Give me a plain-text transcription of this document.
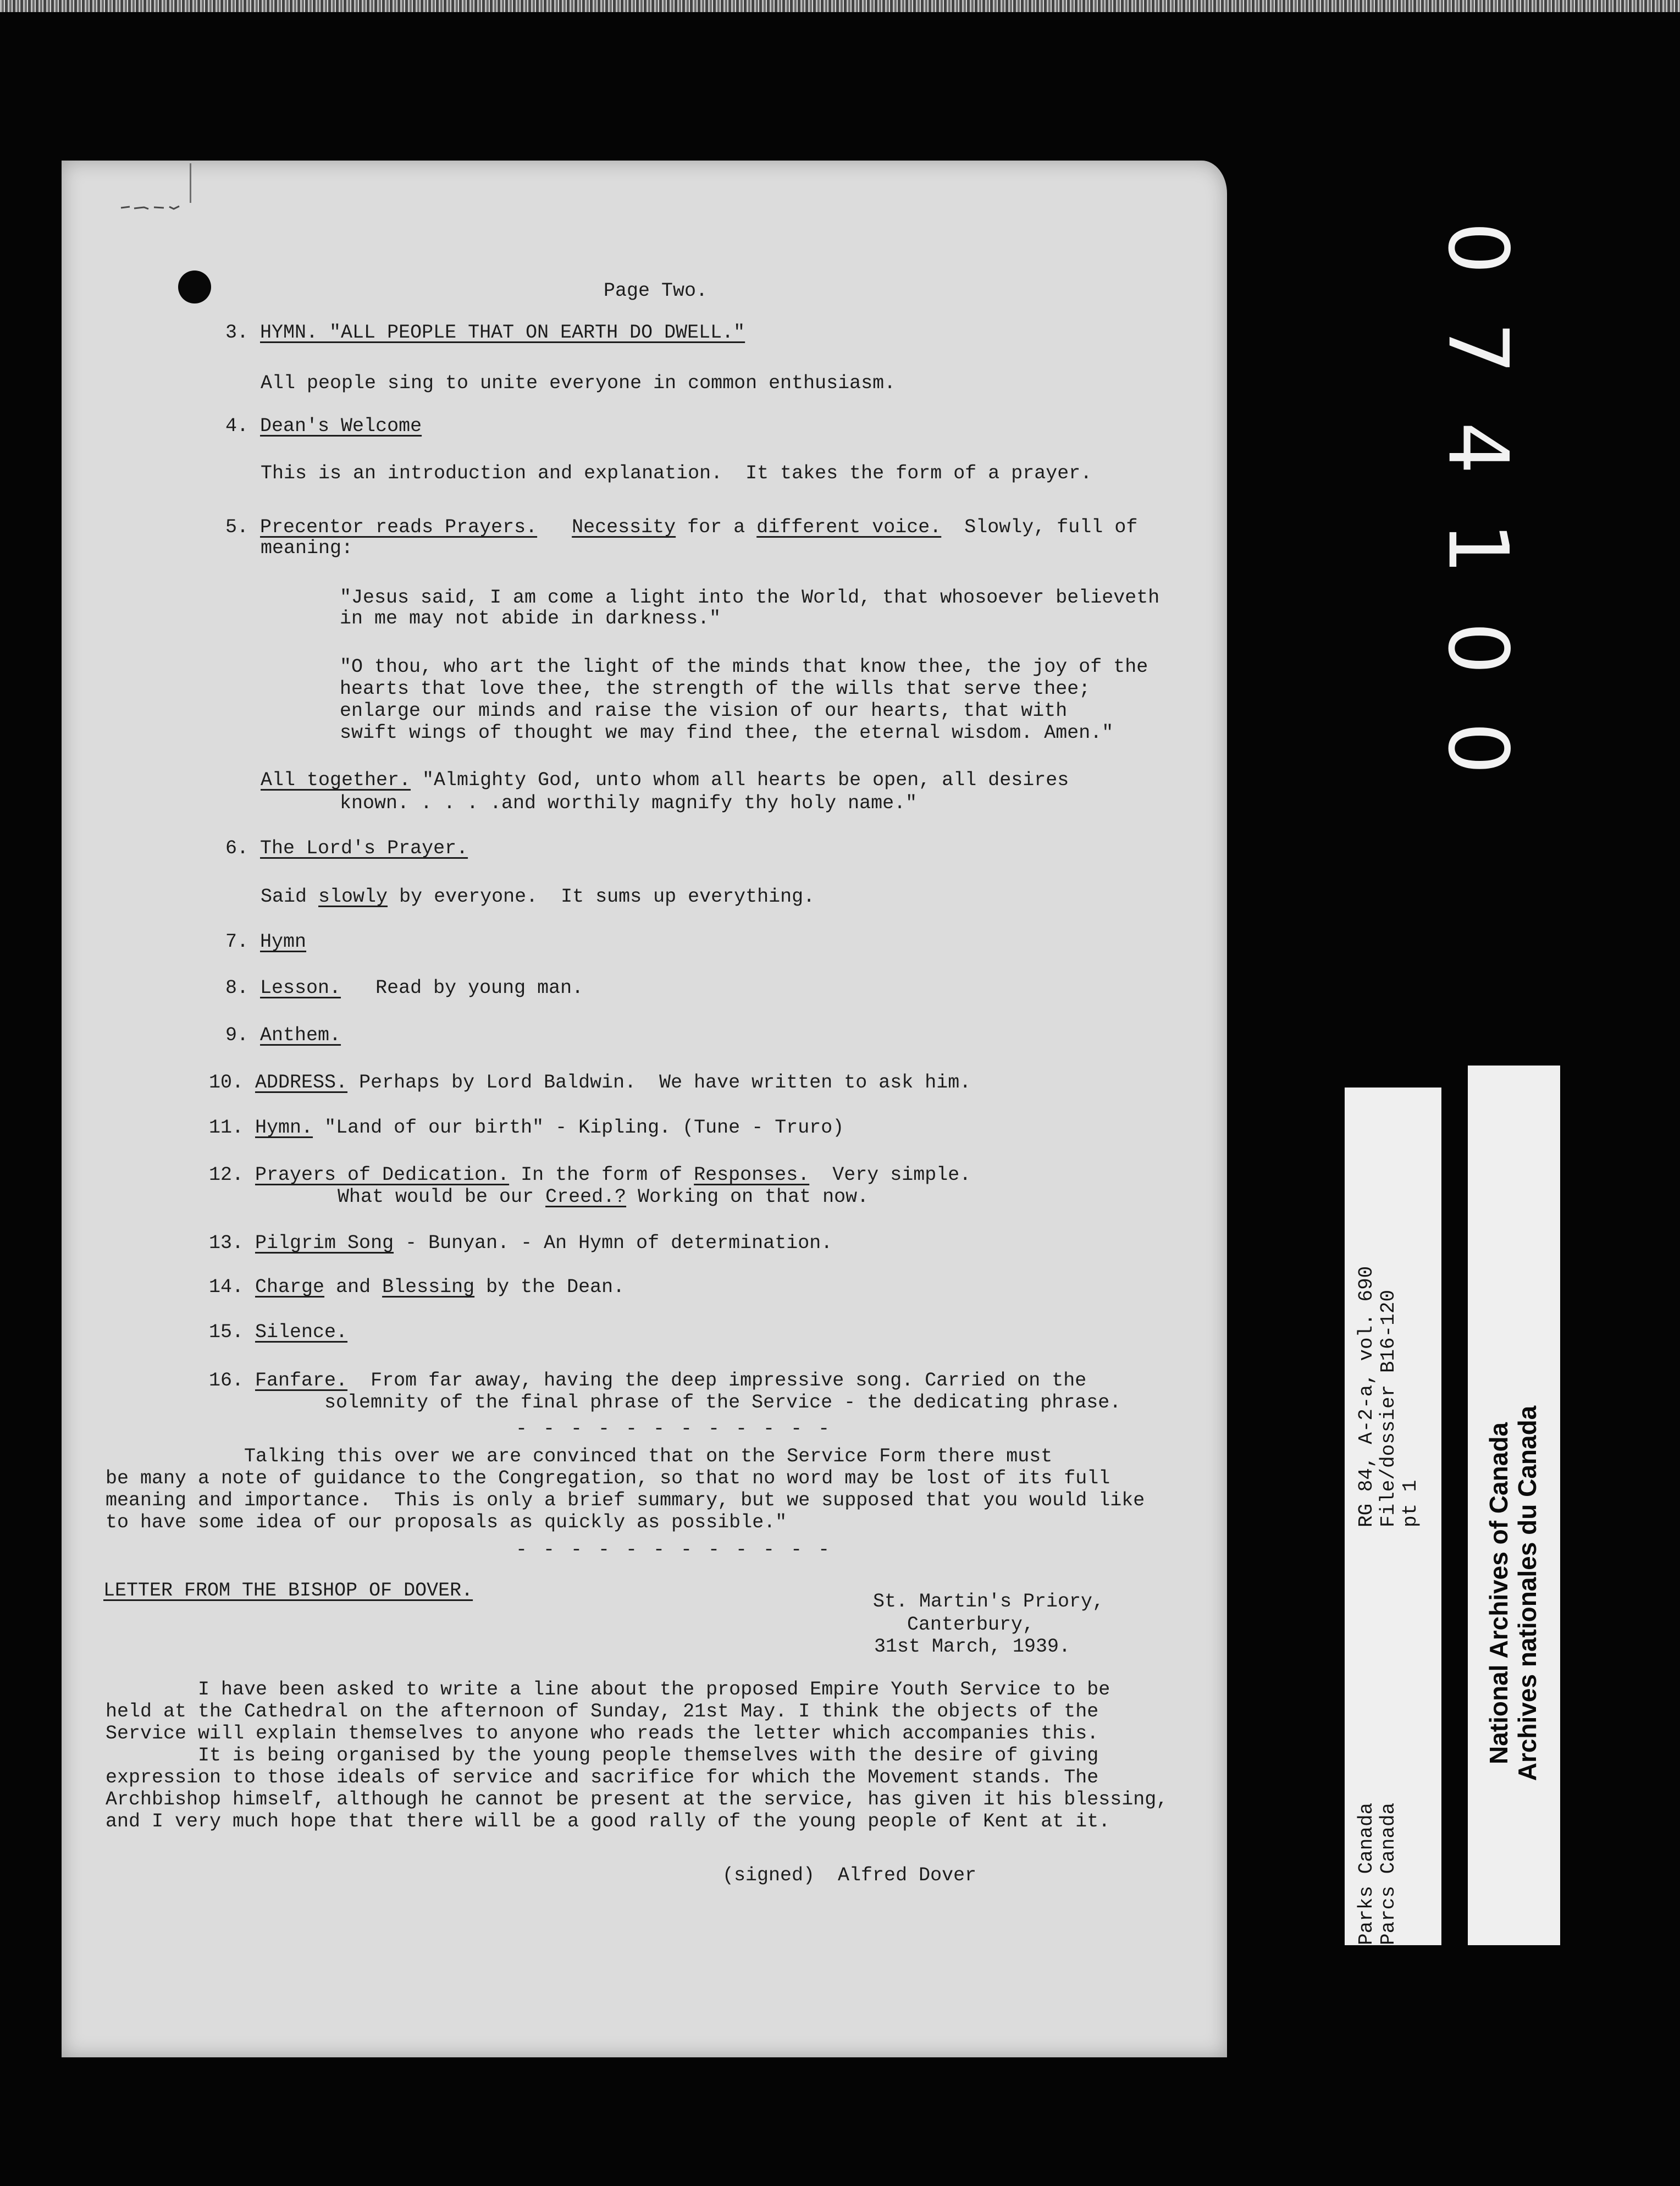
Page Two.
3. HYMN. "ALL PEOPLE THAT ON EARTH DO DWELL."
All people sing to unite everyone in common enthusiasm.
4. Dean's Welcome
This is an introduction and explanation.  It takes the form of a prayer.
5. Precentor reads Prayers. Necessity for a different voice.  Slowly, full of
meaning:
"Jesus said, I am come a light into the World, that whosoever believeth
in me may not abide in darkness."
"O thou, who art the light of the minds that know thee, the joy of the
hearts that love thee, the strength of the wills that serve thee;
enlarge our minds and raise the vision of our hearts, that with
swift wings of thought we may find thee, the eternal wisdom. Amen."
All together. "Almighty God, unto whom all hearts be open, all desires
known. . . . .and worthily magnify thy holy name."
6. The Lord's Prayer.
Said slowly by everyone.  It sums up everything.
7. Hymn
8. Lesson.   Read by young man.
9. Anthem.
10. ADDRESS. Perhaps by Lord Baldwin.  We have written to ask him.
11. Hymn. "Land of our birth" - Kipling. (Tune - Truro)
12. Prayers of Dedication. In the form of Responses.  Very simple.
What would be our Creed.? Working on that now.
13. Pilgrim Song - Bunyan. - An Hymn of determination.
14. Charge and Blessing by the Dean.
15. Silence.
16. Fanfare.  From far away, having the deep impressive song. Carried on the
solemnity of the final phrase of the Service - the dedicating phrase.
- - - - - - - - - - - -
Talking this over we are convinced that on the Service Form there must
be many a note of guidance to the Congregation, so that no word may be lost of its full
meaning and importance.  This is only a brief summary, but we supposed that you would like
to have some idea of our proposals as quickly as possible."
- - - - - - - - - - - -
LETTER FROM THE BISHOP OF DOVER.	St. Martin's Priory,
Canterbury,
31st March, 1939.
I have been asked to write a line about the proposed Empire Youth Service to be
held at the Cathedral on the afternoon of Sunday, 21st May. I think the objects of the
Service will explain themselves to anyone who reads the letter which accompanies this.
It is being organised by the young people themselves with the desire of giving
expression to those ideals of service and sacrifice for which the Movement stands. The
Archbishop himself, although he cannot be present at the service, has given it his blessing,
and I very much hope that there will be a good rally of the young people of Kent at it.
(signed) Alfred Dover
0
7
4
1
0
0
Parks Canada Parcs Canada
RG 84, A-2-a, vol. 690 File/dossier B16-120 pt 1 National Archives of Canada Archives nationales du Canada
